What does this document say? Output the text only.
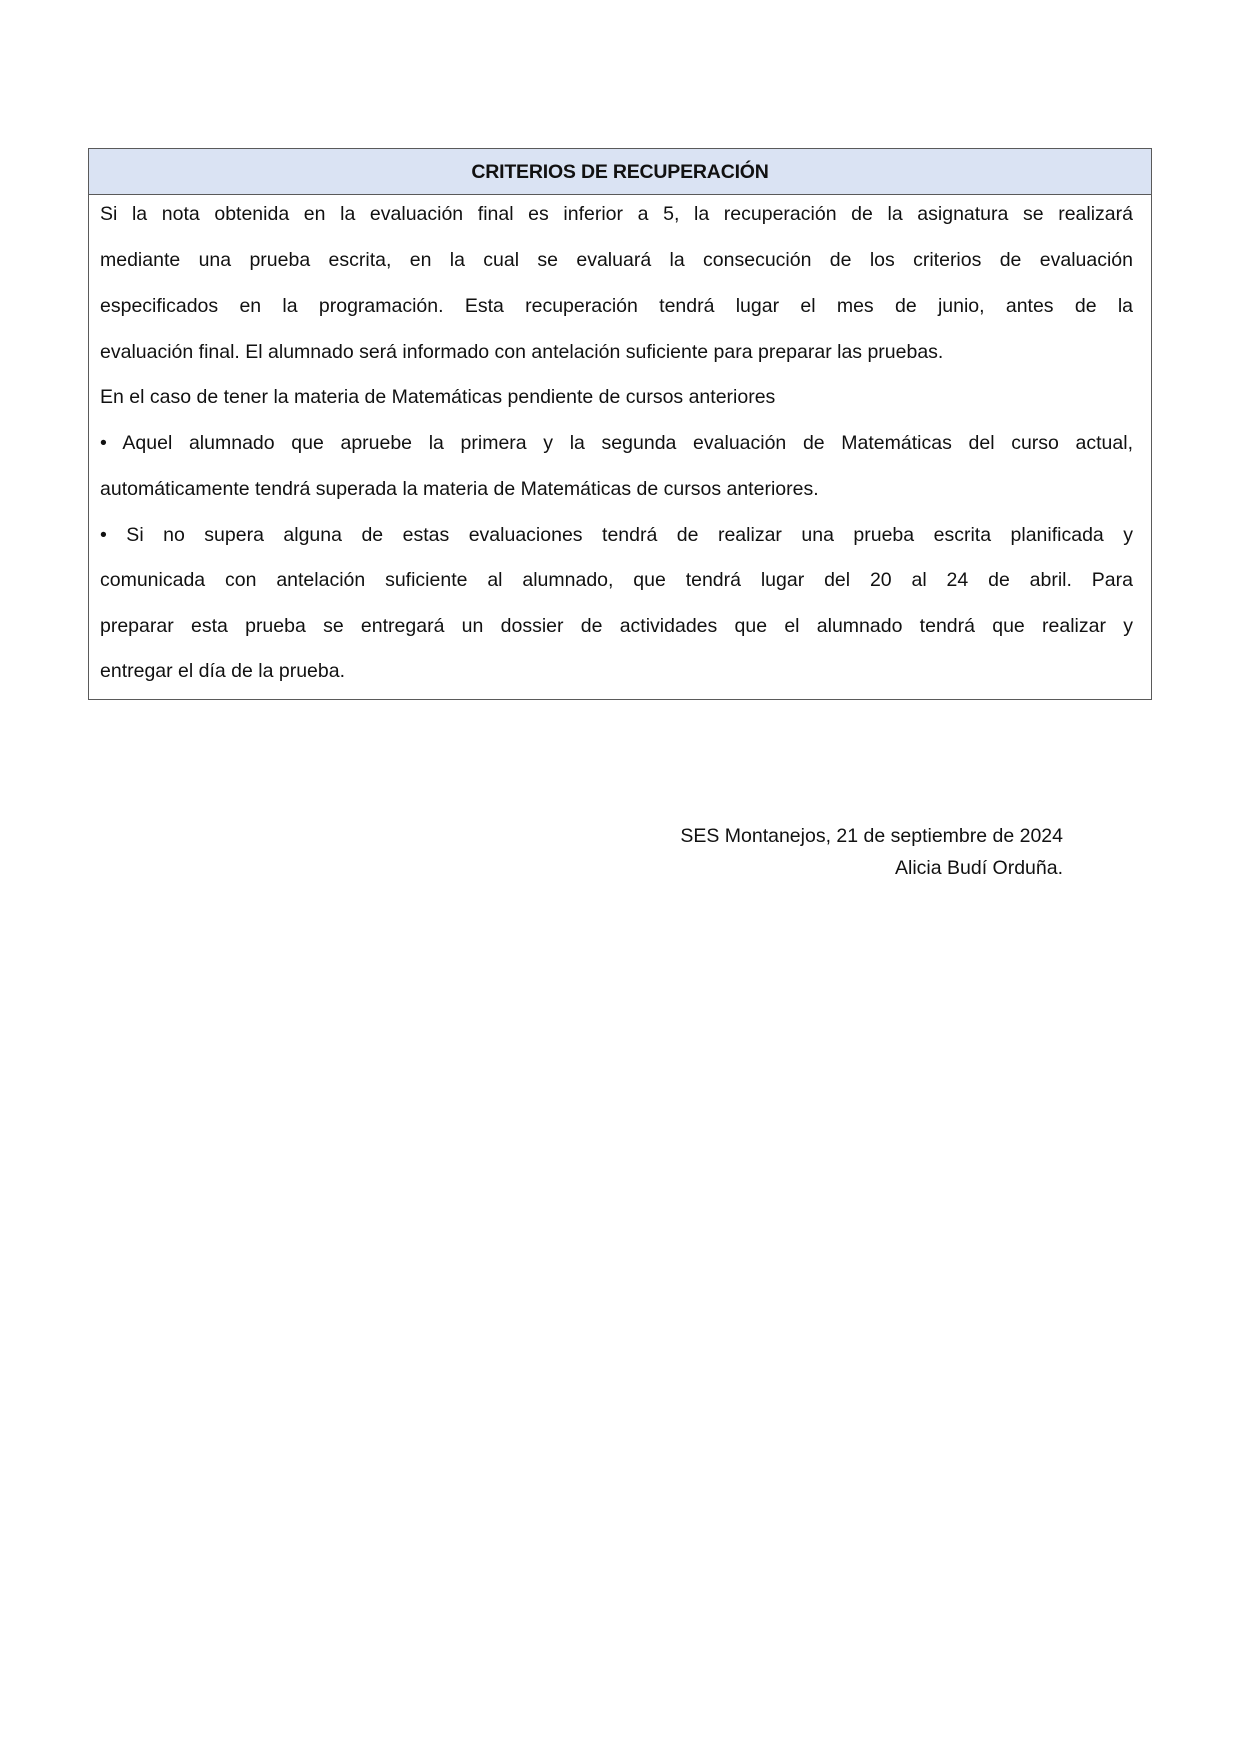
CRITERIOS DE RECUPERACIÓN
Si la nota obtenida en la evaluación final es inferior a 5, la recuperación de la asignatura se realizará
mediante una prueba escrita, en la cual se evaluará la consecución de los criterios de evaluación
especificados en la programación. Esta recuperación tendrá lugar el mes de junio, antes de la
evaluación final. El alumnado será informado con antelación suficiente para preparar las pruebas.
En el caso de tener la materia de Matemáticas pendiente de cursos anteriores
• Aquel alumnado que apruebe la primera y la segunda evaluación de Matemáticas del curso actual,
automáticamente tendrá superada la materia de Matemáticas de cursos anteriores.
• Si no supera alguna de estas evaluaciones tendrá de realizar una prueba escrita planificada y
comunicada con antelación suficiente al alumnado, que tendrá lugar del 20 al 24 de abril. Para
preparar esta prueba se entregará un dossier de actividades que el alumnado tendrá que realizar y
entregar el día de la prueba.
SES Montanejos, 21 de septiembre de 2024
Alicia Budí Orduña.
